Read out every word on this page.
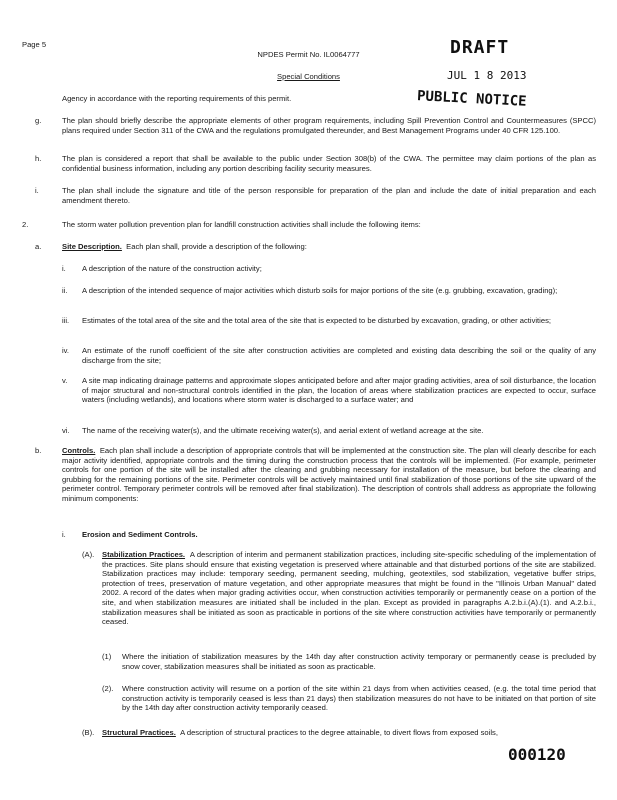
Page 5
NPDES Permit No. IL0064777
Special Conditions
DRAFT
JUL 1 8 2013
PUBLIC NOTICE
Agency in accordance with the reporting requirements of this permit.
g.	The plan should briefly describe the appropriate elements of other program requirements, including Spill Prevention Control and Countermeasures (SPCC) plans required under Section 311 of the CWA and the regulations promulgated thereunder, and Best Management Programs under 40 CFR 125.100.
h.	The plan is considered a report that shall be available to the public under Section 308(b) of the CWA. The permittee may claim portions of the plan as confidential business information, including any portion describing facility security measures.
i.	The plan shall include the signature and title of the person responsible for preparation of the plan and include the date of initial preparation and each amendment thereto.
2.	The storm water pollution prevention plan for landfill construction activities shall include the following items:
a.	Site Description. Each plan shall, provide a description of the following:
i.	A description of the nature of the construction activity;
ii.	A description of the intended sequence of major activities which disturb soils for major portions of the site (e.g. grubbing, excavation, grading);
iii.	Estimates of the total area of the site and the total area of the site that is expected to be disturbed by excavation, grading, or other activities;
iv.	An estimate of the runoff coefficient of the site after construction activities are completed and existing data describing the soil or the quality of any discharge from the site;
v.	A site map indicating drainage patterns and approximate slopes anticipated before and after major grading activities, area of soil disturbance, the location of major structural and non-structural controls identified in the plan, the location of areas where stabilization practices are expected to occur, surface waters (including wetlands), and locations where storm water is discharged to a surface water; and
vi.	The name of the receiving water(s), and the ultimate receiving water(s), and aerial extent of wetland acreage at the site.
b.	Controls. Each plan shall include a description of appropriate controls that will be implemented at the construction site. The plan will clearly describe for each major activity identified, appropriate controls and the timing during the construction process that the controls will be implemented. (For example, perimeter controls for one portion of the site will be installed after the clearing and grubbing necessary for installation of the measure, but before the clearing and grubbing for the remaining portions of the site. Perimeter controls will be actively maintained until final stabilization of those portions of the site upward of the perimeter control. Temporary perimeter controls will be removed after final stabilization). The description of controls shall address as appropriate the following minimum components:
i.	Erosion and Sediment Controls.
(A).	Stabilization Practices. A description of interim and permanent stabilization practices, including site-specific scheduling of the implementation of the practices. Site plans should ensure that existing vegetation is preserved where attainable and that disturbed portions of the site are stabilized. Stabilization practices may include: temporary seeding, permanent seeding, mulching, geotextiles, sod stabilization, vegetative buffer strips, protection of trees, preservation of mature vegetation, and other appropriate measures that might be found in the "Illinois Urban Manual" dated 2002. A record of the dates when major grading activities occur, when construction activities temporarily or permanently cease on a portion of the site, and when stabilization measures are initiated shall be included in the plan. Except as provided in paragraphs A.2.b.i.(A).(1). and A.2.b.i., stabilization measures shall be initiated as soon as practicable in portions of the site where construction activities have temporarily or permanently ceased.
(1)	Where the initiation of stabilization measures by the 14th day after construction activity temporary or permanently cease is precluded by snow cover, stabilization measures shall be initiated as soon as practicable.
(2).	Where construction activity will resume on a portion of the site within 21 days from when activities ceased, (e.g. the total time period that construction activity is temporarily ceased is less than 21 days) then stabilization measures do not have to be initiated on that portion of site by the 14th day after construction activity temporarily ceased.
(B).	Structural Practices. A description of structural practices to the degree attainable, to divert flows from exposed soils,
000120
